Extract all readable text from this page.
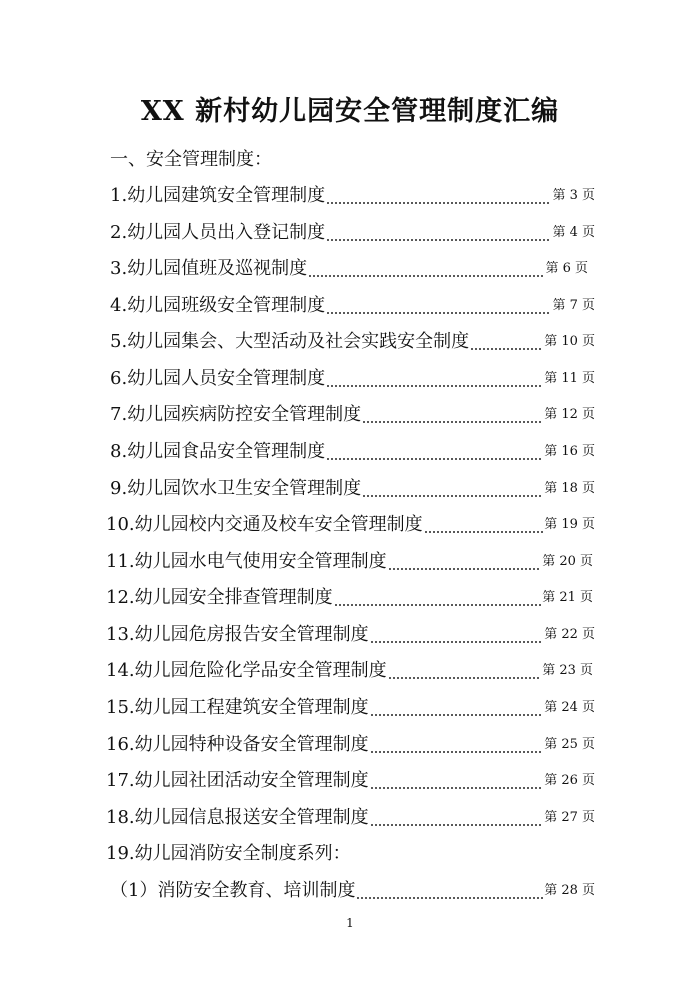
XX 新村幼儿园安全管理制度汇编
一、安全管理制度：
1. 幼儿园建筑安全管理制度	第 3 页
2. 幼儿园人员出入登记制度	第 4 页
3. 幼儿园值班及巡视制度	第 6 页
4. 幼儿园班级安全管理制度	第 7 页
5. 幼儿园集会、大型活动及社会实践安全制度	第 10 页
6. 幼儿园人员安全管理制度	第 11 页
7. 幼儿园疾病防控安全管理制度	第 12 页
8. 幼儿园食品安全管理制度	第 16 页
9. 幼儿园饮水卫生安全管理制度	第 18 页
10. 幼儿园校内交通及校车安全管理制度	第 19 页
11. 幼儿园水电气使用安全管理制度	第 20 页
12. 幼儿园安全排查管理制度	第 21 页
13. 幼儿园危房报告安全管理制度	第 22 页
14. 幼儿园危险化学品安全管理制度	第 23 页
15. 幼儿园工程建筑安全管理制度	第 24 页
16. 幼儿园特种设备安全管理制度	第 25 页
17. 幼儿园社团活动安全管理制度	第 26 页
18. 幼儿园信息报送安全管理制度	第 27 页
19. 幼儿园消防安全制度系列：
（1） 消防安全教育、培训制度	第 28 页
1
